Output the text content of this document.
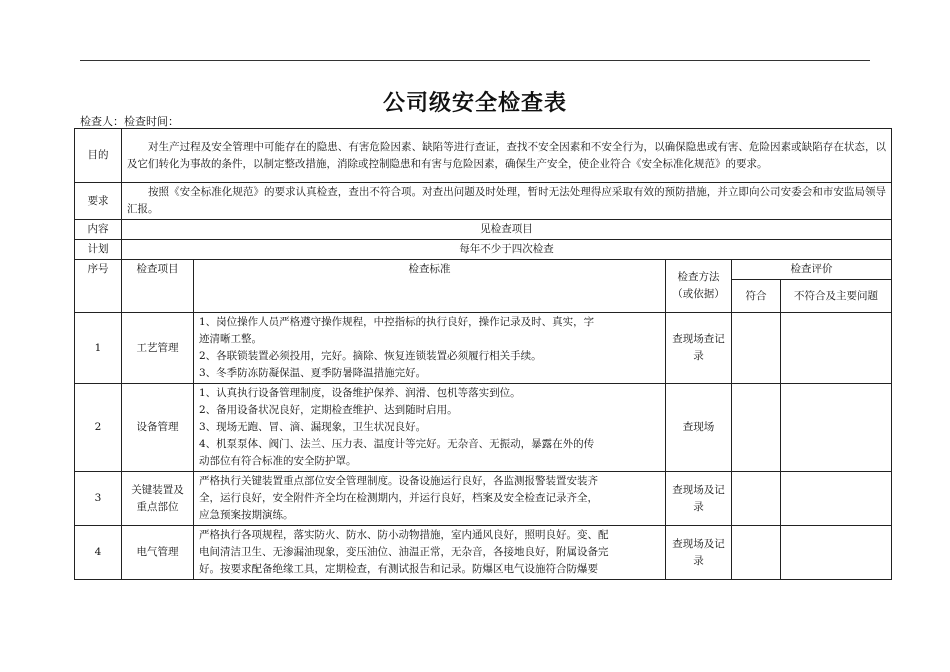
公司级安全检查表
检查人：检查时间：
目的	对生产过程及安全管理中可能存在的隐患、有害危险因素、缺陷等进行查证，查找不安全因素和不安全行为，以确保隐患或有害、危险因素或缺陷存在状态，以及它们转化为事故的条件，以制定整改措施，消除或控制隐患和有害与危险因素，确保生产安全，使企业符合《安全标准化规范》的要求。				
要求	按照《安全标准化规范》的要求认真检查，查出不符合项。对查出问题及时处理，暂时无法处理得应采取有效的预防措施，并立即向公司安委会和市安监局领导汇报。				
内容	见检查项目				
计划	每年不少于四次检查				
序号	检查项目	检查标准	检查方法（或依据）	检查评价	
				符合	不符合及主要问题
1	工艺管理	1、岗位操作人员严格遵守操作规程，中控指标的执行良好，操作记录及时、真实，字
迹清晰工整。
2、各联锁装置必须投用，完好。摘除、恢复连锁装置必须履行相关手续。
3、冬季防冻防凝保温、夏季防暑降温措施完好。	查现场查记录		
2	设备管理	1、认真执行设备管理制度，设备维护保养、润滑、包机等落实到位。
2、备用设备状况良好，定期检查维护、达到随时启用。
3、现场无跑、冒、滴、漏现象，卫生状况良好。
4、机泵泵体、阀门、法兰、压力表、温度计等完好。无杂音、无振动，暴露在外的传
动部位有符合标准的安全防护罩。	查现场		
3	关键装置及重点部位	严格执行关键装置重点部位安全管理制度。设备设施运行良好，各监测报警装置安装齐
全，运行良好，安全附件齐全均在检测期内，并运行良好，档案及安全检查记录齐全，
应急预案按期演练。	查现场及记录		
4	电气管理	严格执行各项规程，落实防火、防水、防小动物措施，室内通风良好，照明良好。变、配
电间清洁卫生、无渗漏油现象，变压油位、油温正常，无杂音，各接地良好，附属设备完
好。按要求配备绝缘工具，定期检查，有测试报告和记录。防爆区电气设施符合防爆要	查现场及记录		
